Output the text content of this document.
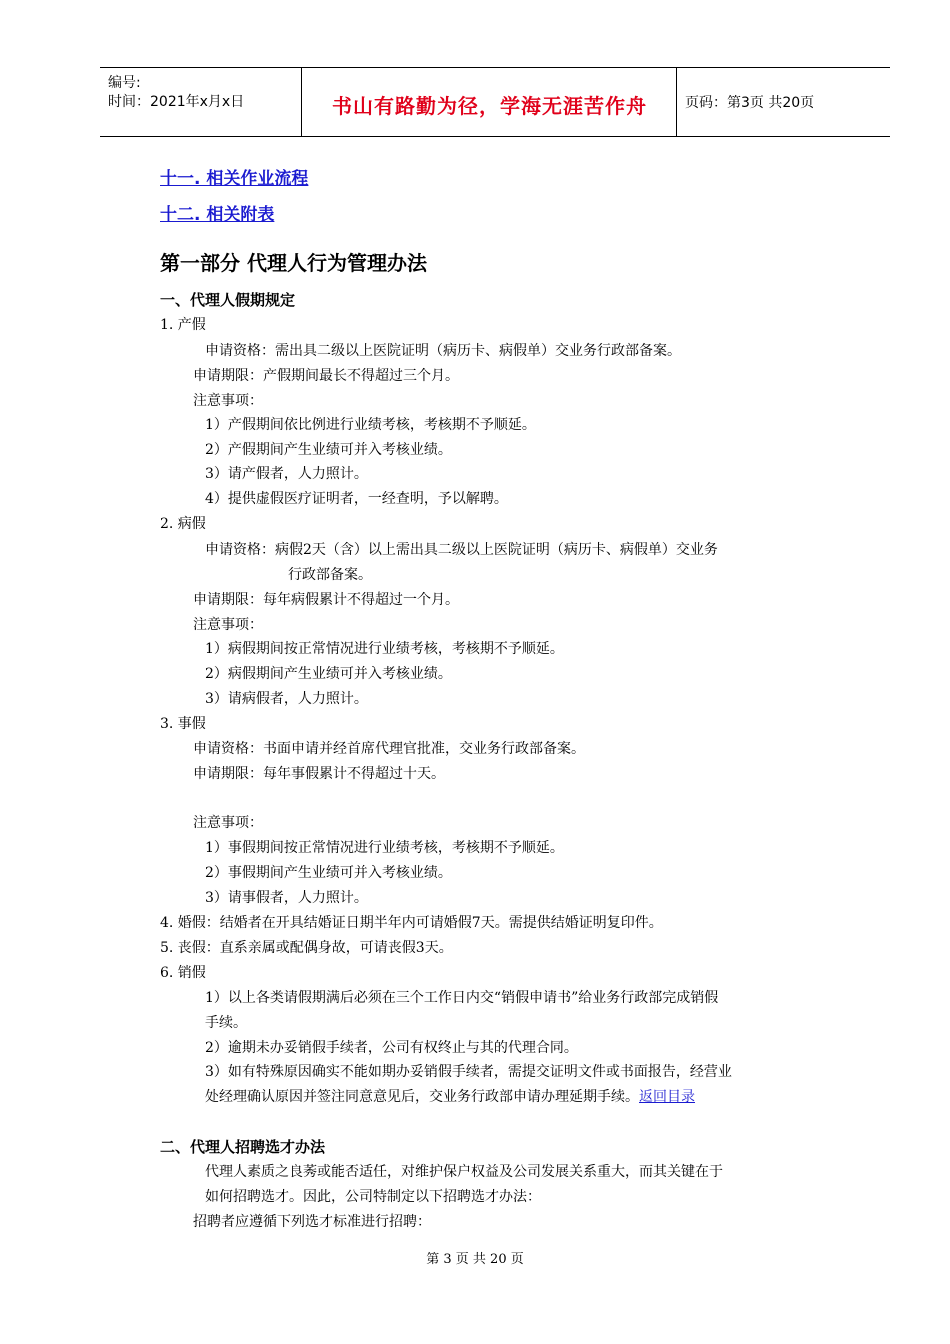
编号:
时间：2021年x月x日	书山有路勤为径，学海无涯苦作舟	页码：第3页 共20页
十一. 相关作业流程
十二. 相关附表
第一部分 代理人行为管理办法
一、代理人假期规定
1. 产假
申请资格：需出具二级以上医院证明（病历卡、病假单）交业务行政部备案。
申请期限：产假期间最长不得超过三个月。
注意事项：
1）产假期间依比例进行业绩考核，考核期不予顺延。
2）产假期间产生业绩可并入考核业绩。
3）请产假者，人力照计。
4）提供虚假医疗证明者，一经查明，予以解聘。
2. 病假
申请资格：病假2天（含）以上需出具二级以上医院证明（病历卡、病假单）交业务
行政部备案。
申请期限：每年病假累计不得超过一个月。
注意事项：
1）病假期间按正常情况进行业绩考核，考核期不予顺延。
2）病假期间产生业绩可并入考核业绩。
3）请病假者，人力照计。
3. 事假
申请资格：书面申请并经首席代理官批准，交业务行政部备案。
申请期限：每年事假累计不得超过十天。
注意事项：
1）事假期间按正常情况进行业绩考核，考核期不予顺延。
2）事假期间产生业绩可并入考核业绩。
3）请事假者，人力照计。
4. 婚假：结婚者在开具结婚证日期半年内可请婚假7天。需提供结婚证明复印件。
5. 丧假：直系亲属或配偶身故，可请丧假3天。
6. 销假
1）以上各类请假期满后必须在三个工作日内交“销假申请书”给业务行政部完成销假
手续。
2）逾期未办妥销假手续者，公司有权终止与其的代理合同。
3）如有特殊原因确实不能如期办妥销假手续者，需提交证明文件或书面报告，经营业
处经理确认原因并签注同意意见后，交业务行政部申请办理延期手续。返回目录
二、代理人招聘选才办法
代理人素质之良莠或能否适任，对维护保户权益及公司发展关系重大，而其关键在于
如何招聘选才。因此，公司特制定以下招聘选才办法：
招聘者应遵循下列选才标准进行招聘：
第 3 页 共 20 页
